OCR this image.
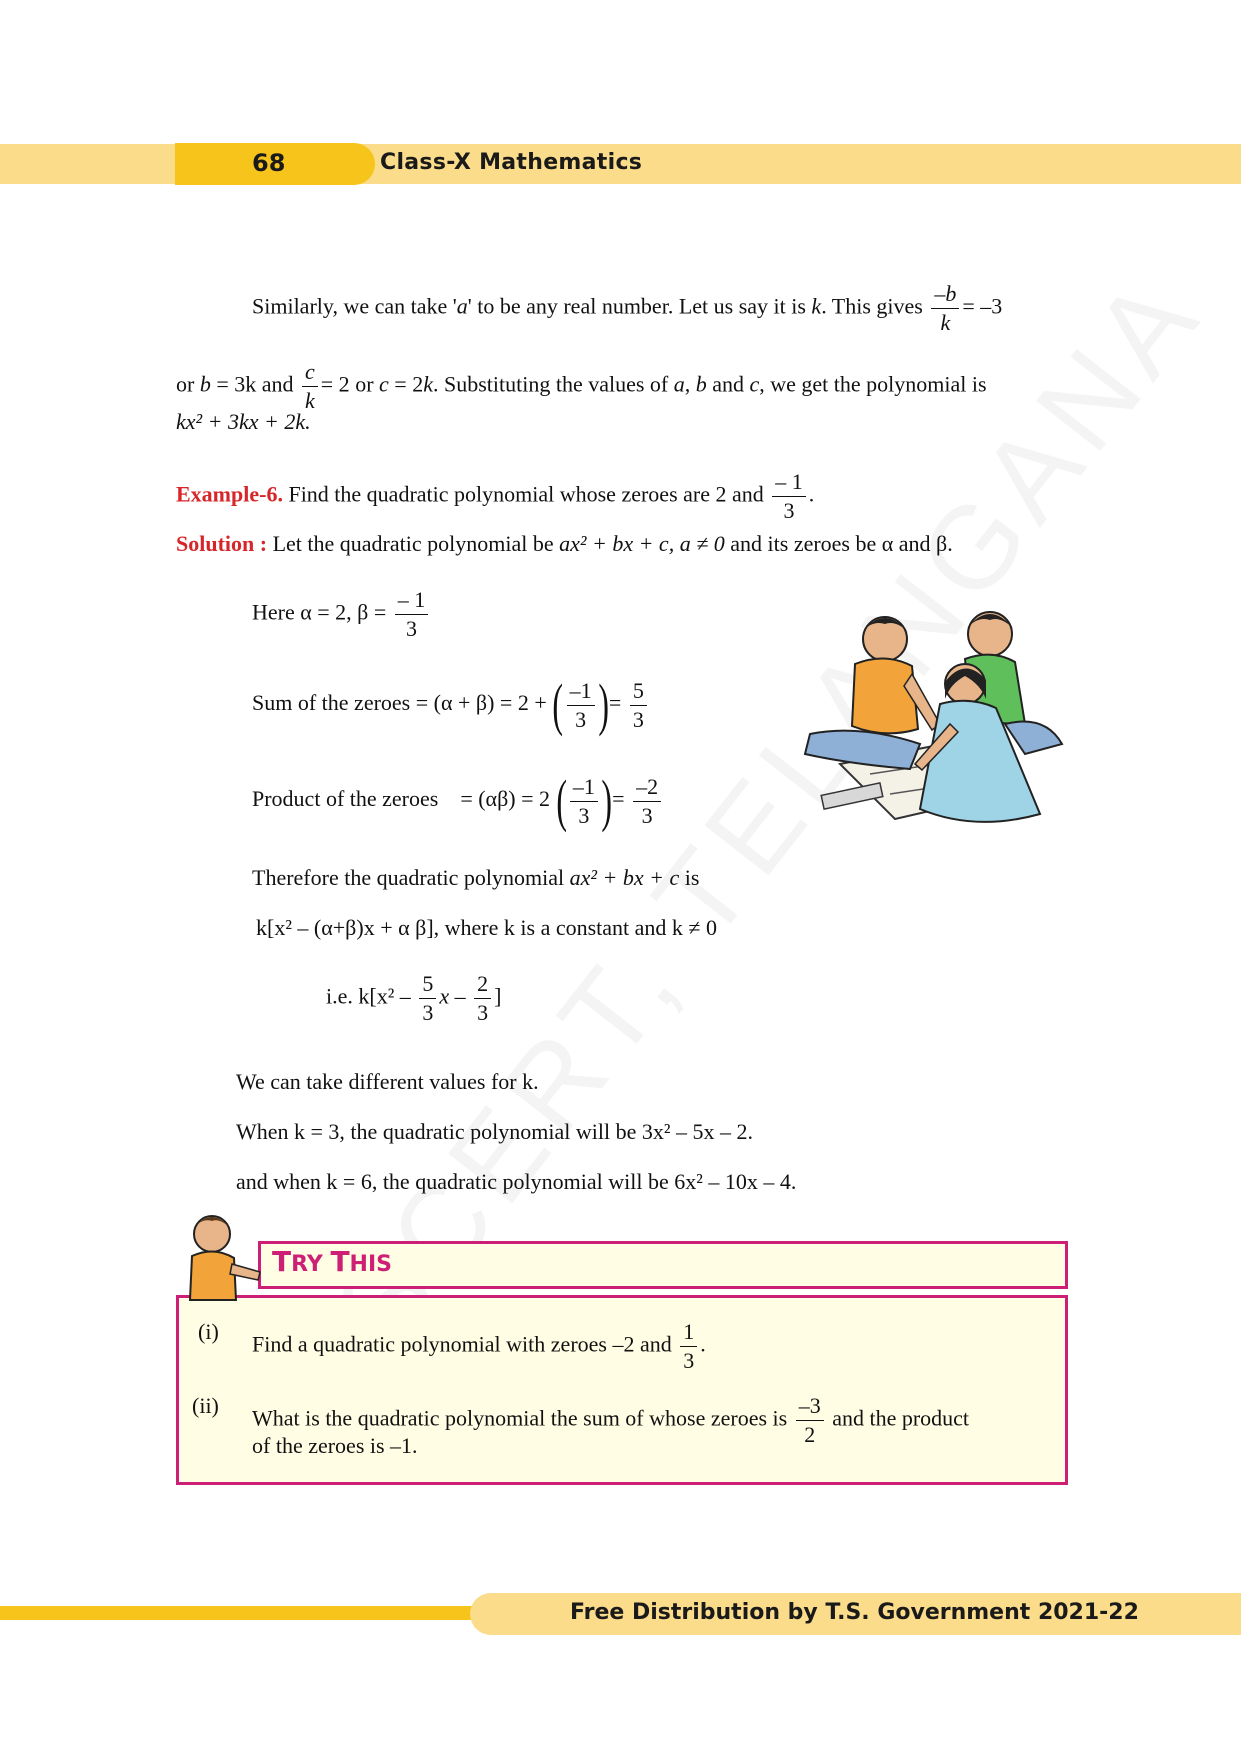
68	Class-X Mathematics
Similarly, we can take 'a' to be any real number. Let us say it is k. This gives $\frac{-b}{k} = -3$
or b = 3k and $\frac{c}{k} = 2$ or c = 2k. Substituting the values of a, b and c, we get the polynomial is
kx² + 3kx + 2k.
Example-6. Find the quadratic polynomial whose zeroes are 2 and $\frac{- 1}{3}$ .
Solution : Let the quadratic polynomial be ax² + bx + c, a ≠ 0 and its zeroes be α and β.
Here α = 2, $\beta = \frac{- 1}{3}$
Sum of the zeroes = (α + β) = 2 + ( $\frac{-1}{3}$ )= $\frac{5}{3}$
Product of the zeroes = (αβ) = 2 ( $\frac{-1}{3}$ )= $\frac{-2}{3}$
Therefore the quadratic polynomial ax² + bx + c is
k[x² – (α+β)x + α β], where k is a constant and k ≠ 0
i.e. $k[x^2 - \frac{5}{3}$ x – $\frac{2}{3}$ ]
We can take different values for k.
When k = 3, the quadratic polynomial will be 3x² – 5x – 2.
and when k = 6, the quadratic polynomial will be 6x² – 10x – 4.
TRY THIS
(i)
Find a quadratic polynomial with zeroes –2 and $\frac{1}{3}$ .
(ii)
What is the quadratic polynomial the sum of whose zeroes is $\frac{-3}{2}$ and the product
of the zeroes is –1.
Free Distribution by T.S. Government 2021-22
